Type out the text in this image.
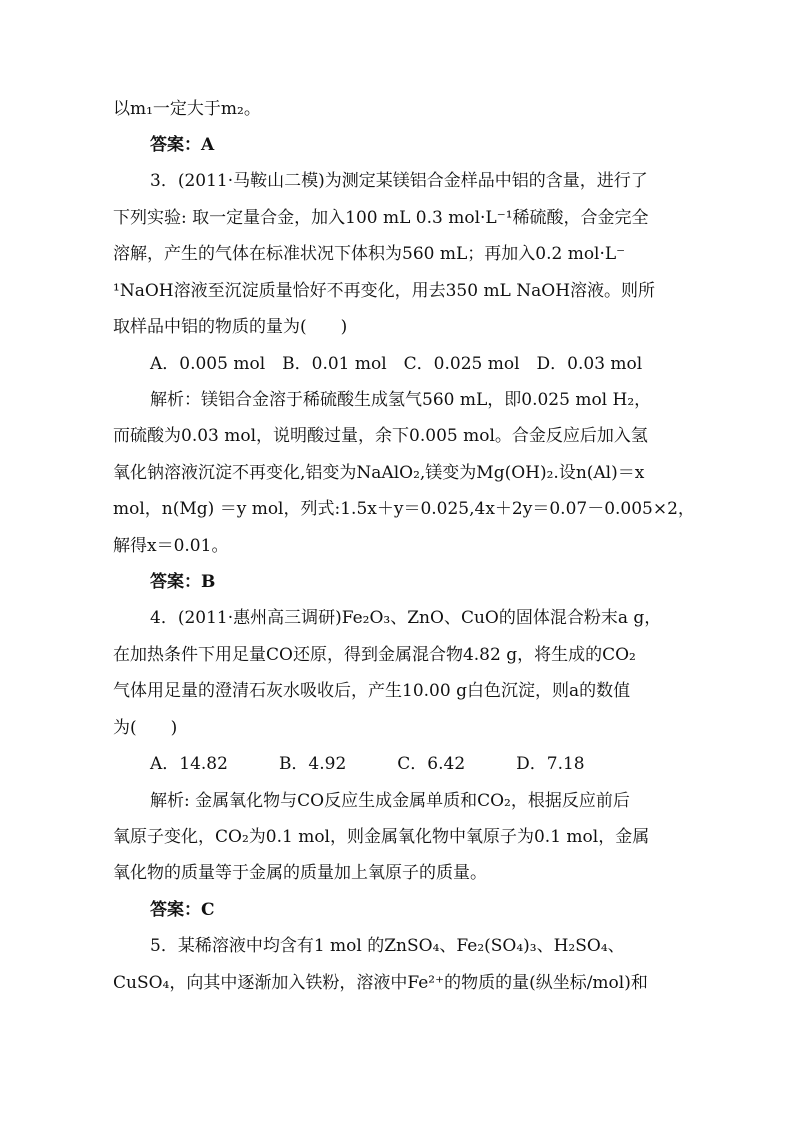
以m₁一定大于m₂。
答案：A
3．(2011·马鞍山二模)为测定某镁铝合金样品中铝的含量，进行了
下列实验: 取一定量合金，加入100 mL 0.3 mol·L⁻¹稀硫酸，合金完全
溶解，产生的气体在标准状况下体积为560 mL；再加入0.2 mol·L⁻
¹NaOH溶液至沉淀质量恰好不再变化，用去350 mL NaOH溶液。则所
取样品中铝的物质的量为(　　)
A．0.005 mol　B．0.01 mol　C．0.025 mol　D．0.03 mol
解析：镁铝合金溶于稀硫酸生成氢气560 mL，即0.025 mol H₂，
而硫酸为0.03 mol，说明酸过量，余下0.005 mol。合金反应后加入氢
氧化钠溶液沉淀不再变化,铝变为NaAlO₂,镁变为Mg(OH)₂.设n(Al)＝x
mol，n(Mg) ＝y mol，列式:1.5x＋y＝0.025,4x＋2y＝0.07－0.005×2，
解得x＝0.01。
答案：B
4．(2011·惠州高三调研)Fe₂O₃、ZnO、CuO的固体混合粉末a g，
在加热条件下用足量CO还原，得到金属混合物4.82 g，将生成的CO₂
气体用足量的澄清石灰水吸收后，产生10.00 g白色沉淀，则a的数值
为(　　)
A．14.82　　　B．4.92　　　C．6.42　　　D．7.18
解析: 金属氧化物与CO反应生成金属单质和CO₂，根据反应前后
氧原子变化，CO₂为0.1 mol，则金属氧化物中氧原子为0.1 mol，金属
氧化物的质量等于金属的质量加上氧原子的质量。
答案：C
5．某稀溶液中均含有1 mol 的ZnSO₄、Fe₂(SO₄)₃、H₂SO₄、
CuSO₄，向其中逐渐加入铁粉，溶液中Fe²⁺的物质的量(纵坐标/mol)和
